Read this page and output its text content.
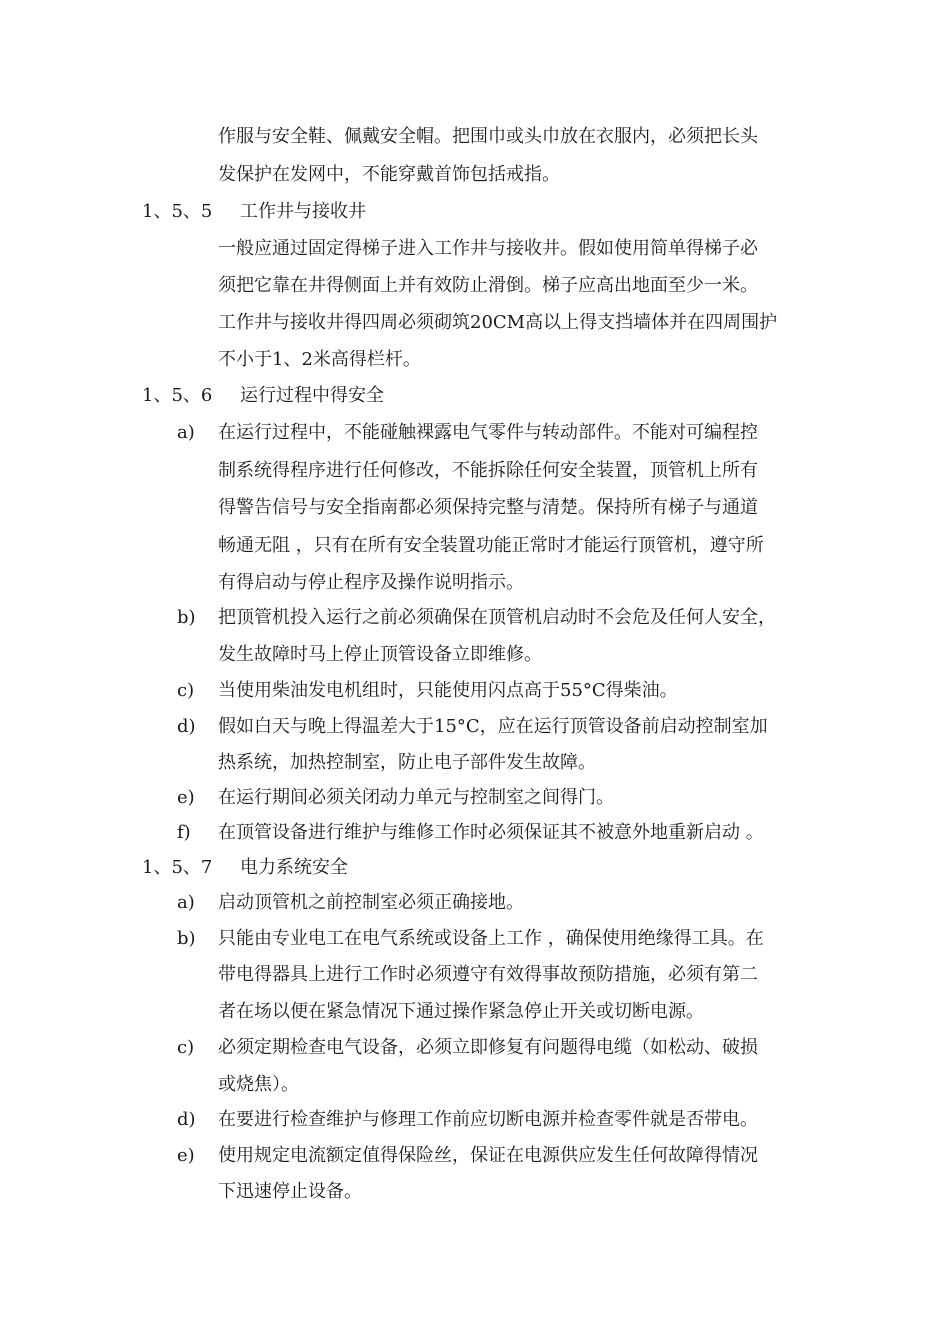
作服与安全鞋、佩戴安全帽。把围巾或头巾放在衣服内，必须把长头
发保护在发网中，不能穿戴首饰包括戒指。
1、5、5 工作井与接收井
一般应通过固定得梯子进入工作井与接收井。假如使用简单得梯子必
须把它靠在井得侧面上并有效防止滑倒。梯子应高出地面至少一米。
工作井与接收井得四周必须砌筑20CM高以上得支挡墙体并在四周围护
不小于1、2米高得栏杆。
1、5、6 运行过程中得安全
a) 在运行过程中，不能碰触裸露电气零件与转动部件。不能对可编程控
制系统得程序进行任何修改，不能拆除任何安全装置，顶管机上所有
得警告信号与安全指南都必须保持完整与清楚。保持所有梯子与通道
畅通无阻 ，只有在所有安全装置功能正常时才能运行顶管机，遵守所
有得启动与停止程序及操作说明指示。
b) 把顶管机投入运行之前必须确保在顶管机启动时不会危及任何人安全，
发生故障时马上停止顶管设备立即维修。
c) 当使用柴油发电机组时，只能使用闪点高于55°C得柴油。
d) 假如白天与晚上得温差大于15°C，应在运行顶管设备前启动控制室加
热系统，加热控制室，防止电子部件发生故障。
e) 在运行期间必须关闭动力单元与控制室之间得门。
f) 在顶管设备进行维护与维修工作时必须保证其不被意外地重新启动 。
1、5、7 电力系统安全
a) 启动顶管机之前控制室必须正确接地。
b) 只能由专业电工在电气系统或设备上工作 ，确保使用绝缘得工具。在
带电得器具上进行工作时必须遵守有效得事故预防措施，必须有第二
者在场以便在紧急情况下通过操作紧急停止开关或切断电源。
c) 必须定期检查电气设备，必须立即修复有问题得电缆（如松动、破损
或烧焦）。
d) 在要进行检查维护与修理工作前应切断电源并检查零件就是否带电。
e) 使用规定电流额定值得保险丝，保证在电源供应发生任何故障得情况
下迅速停止设备。
